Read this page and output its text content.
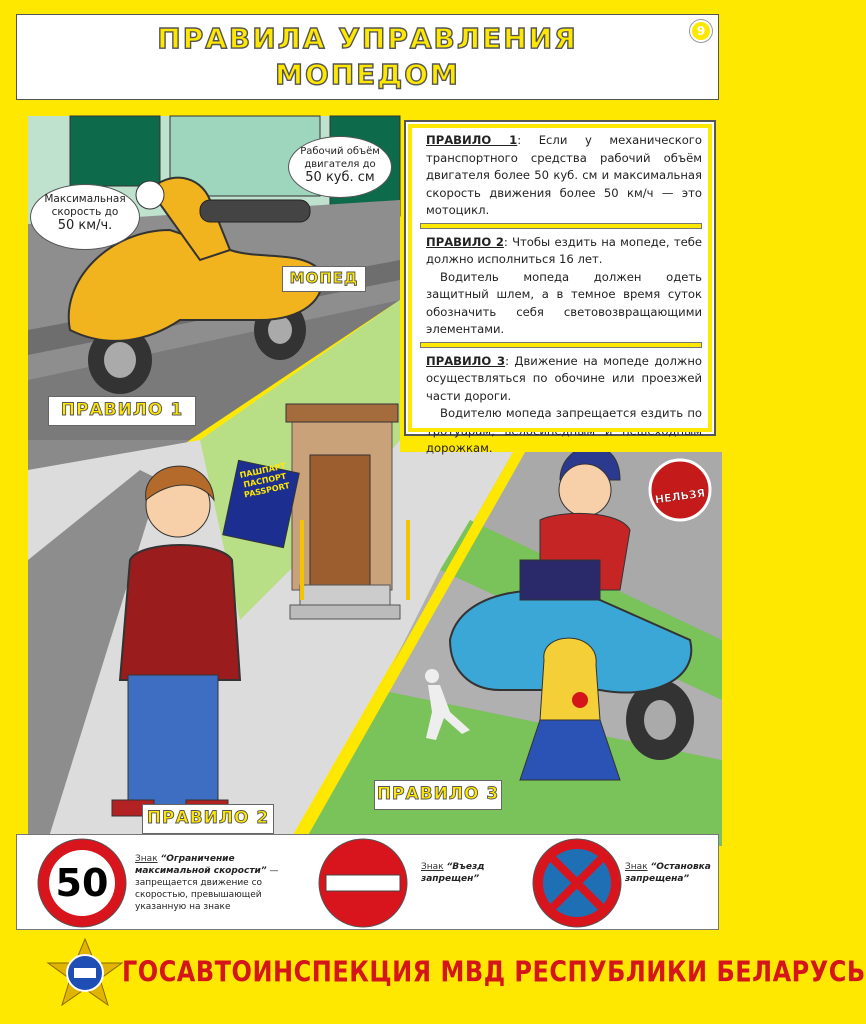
ПРАВИЛА УПРАВЛЕНИЯ
МОПЕДОМ
9
Максимальная
скорость до
50 км/ч.
Рабочий объём
двигателя до
50 куб. см
МОПЕД
ПРАВИЛО 1
ПРАВИЛО 2
ПРАВИЛО 3
ПАШПАРТ ПАСПОРТ PASSPORT	НЕЛЬЗЯ

ПРАВИЛО 1: Если у механического транспортного средства рабочий объём двигателя более 50 куб. см и максимальная скорость движения более 50 км/ч — это мотоцикл.

ПРАВИЛО 2: Чтобы ездить на мопеде, тебе должно исполниться 16 лет.

Водитель мопеда должен одеть защитный шлем, а в темное время суток обозначить себя световозвращающими элементами.

ПРАВИЛО 3: Движение на мопеде должно осуществляться по обочине или проезжей части дороги.

Водителю мопеда запрещается ездить по тротуарам, велосипедным и пешеходным дорожкам.

50
Знак “Ограничение максимальной скорости” — запрещается движение со скоростью, превышающей указанную на знаке
Знак “Въезд запрещен”
Знак “Остановка запрещена”
ГОСАВТОИНСПЕКЦИЯ МВД РЕСПУБЛИКИ БЕЛАРУСЬ
